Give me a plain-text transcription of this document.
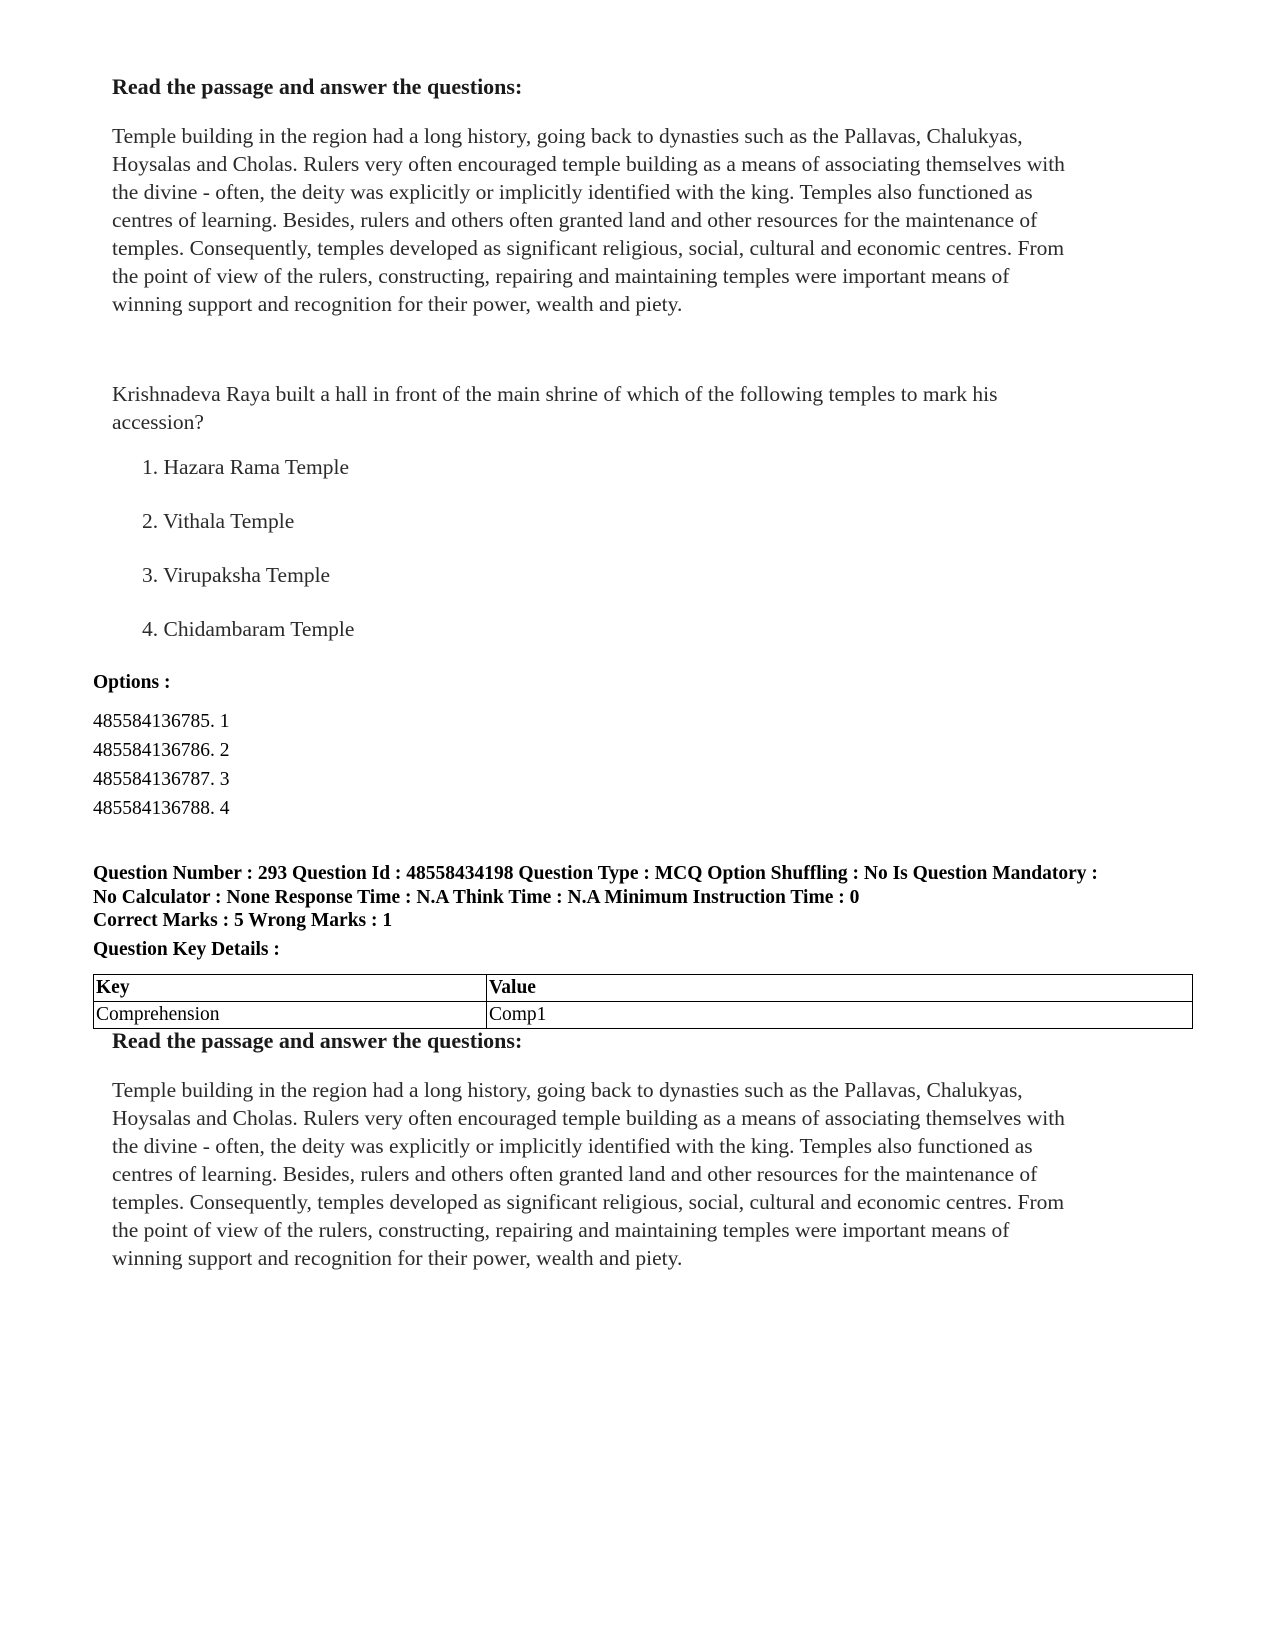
Read the passage and answer the questions:

Temple building in the region had a long history, going back to dynasties such as the Pallavas, Chalukyas,

Hoysalas and Cholas. Rulers very often encouraged temple building as a means of associating themselves with

the divine - often, the deity was explicitly or implicitly identified with the king. Temples also functioned as

centres of learning. Besides, rulers and others often granted land and other resources for the maintenance of

temples. Consequently, temples developed as significant religious, social, cultural and economic centres. From

the point of view of the rulers, constructing, repairing and maintaining temples were important means of

winning support and recognition for their power, wealth and piety.

Krishnadeva Raya built a hall in front of the main shrine of which of the following temples to mark his
accession?
1. Hazara Rama Temple
2. Vithala Temple
3. Virupaksha Temple
4. Chidambaram Temple
Options :
485584136785. 1
485584136786. 2
485584136787. 3
485584136788. 4
Question Number : 293 Question Id : 48558434198 Question Type : MCQ Option Shuffling : No Is Question Mandatory :
No Calculator : None Response Time : N.A Think Time : N.A Minimum Instruction Time : 0
Correct Marks : 5 Wrong Marks : 1
Question Key Details :
Key	Value
Comprehension	Comp1

Read the passage and answer the questions:

Temple building in the region had a long history, going back to dynasties such as the Pallavas, Chalukyas,

Hoysalas and Cholas. Rulers very often encouraged temple building as a means of associating themselves with

the divine - often, the deity was explicitly or implicitly identified with the king. Temples also functioned as

centres of learning. Besides, rulers and others often granted land and other resources for the maintenance of

temples. Consequently, temples developed as significant religious, social, cultural and economic centres. From

the point of view of the rulers, constructing, repairing and maintaining temples were important means of

winning support and recognition for their power, wealth and piety.
